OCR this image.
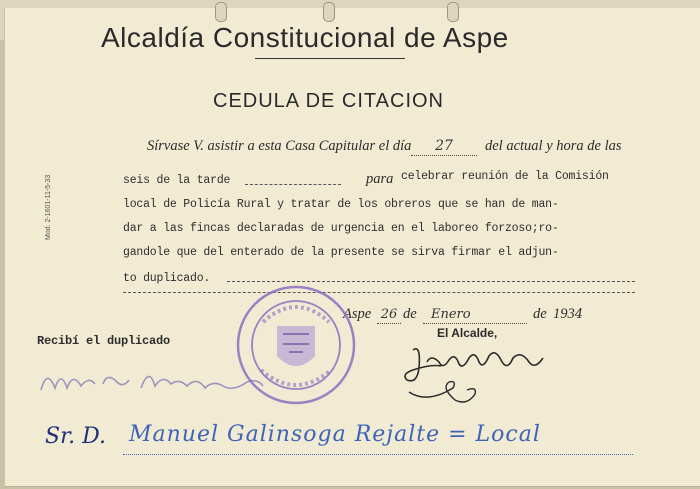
Alcaldía Constitucional de Aspe
CEDULA DE CITACION
Sírvase V. asistir a esta Casa Capitular el día	27	del actual y hora de las
seis de la tarde	para celebrar reunión de la Comisión
local de Policía Rural y tratar de los obreros que se han de man-
dar a las fincas declaradas de urgencia en el laboreo forzoso;ro-
gandole que del enterado de la presente se sirva firmar el adjun-
to duplicado.
Mod. 2-1601-11-5-33
Aspe 26 de	Enero	de 1934
El Alcalde,
Recibí el duplicado
Sr. D. Manuel Galinsoga Rejalte = Local
